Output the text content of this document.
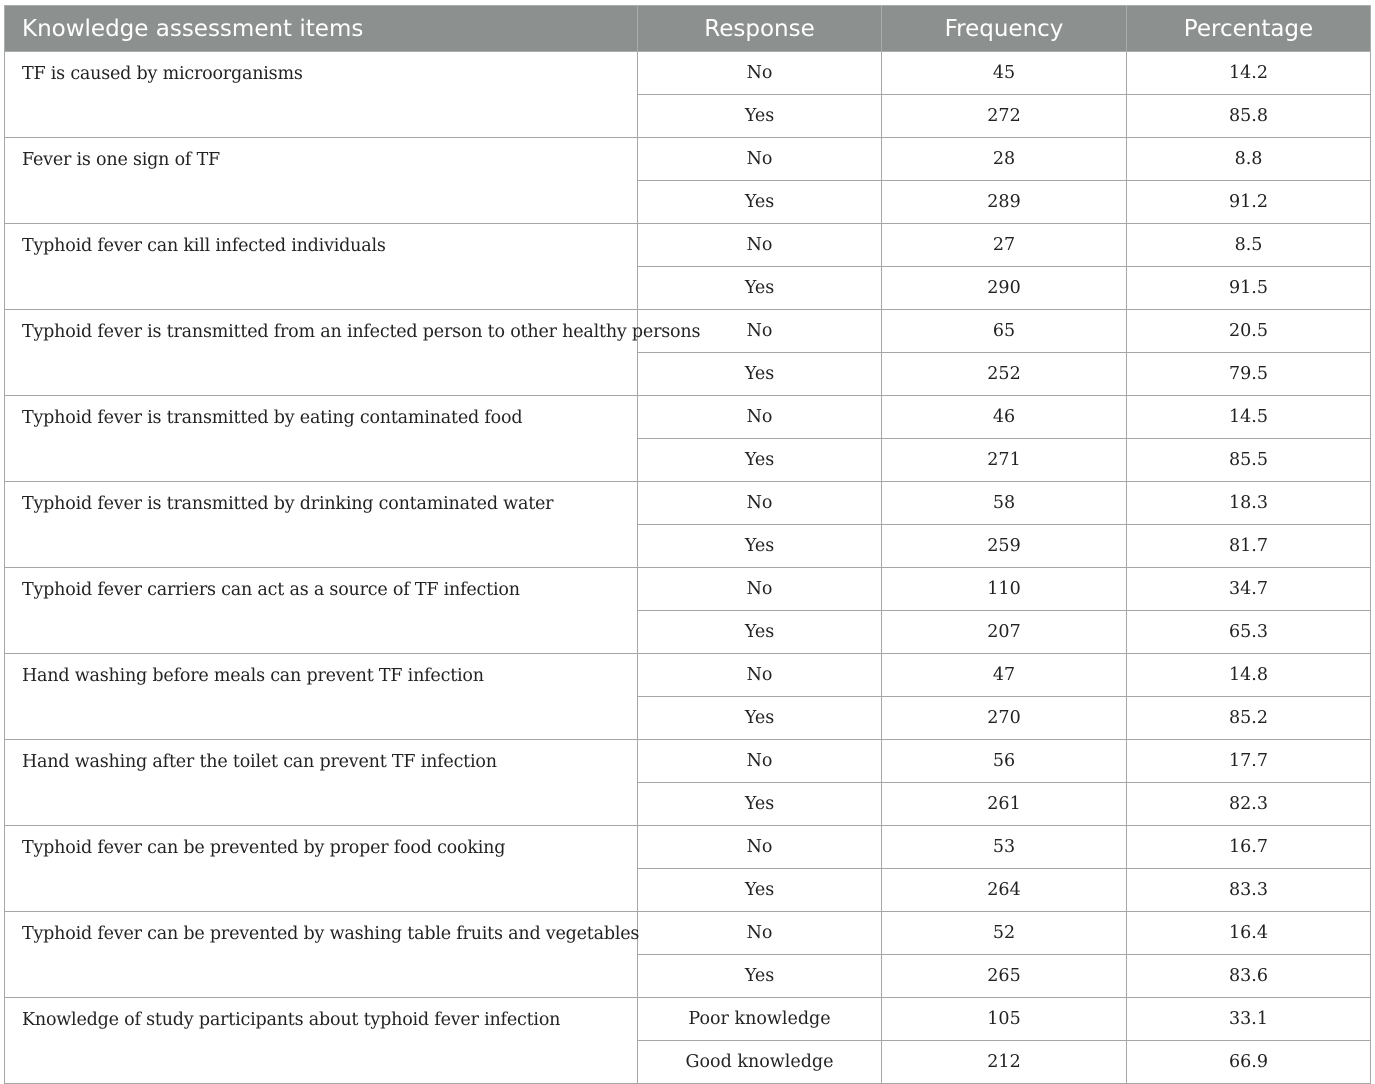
Knowledge assessment items	Response	Frequency	Percentage
TF is caused by microorganisms	No	45	14.2
	Yes	272	85.8
Fever is one sign of TF	No	28	8.8
	Yes	289	91.2
Typhoid fever can kill infected individuals	No	27	8.5
	Yes	290	91.5
Typhoid fever is transmitted from an infected person to other healthy persons	No	65	20.5
	Yes	252	79.5
Typhoid fever is transmitted by eating contaminated food	No	46	14.5
	Yes	271	85.5
Typhoid fever is transmitted by drinking contaminated water	No	58	18.3
	Yes	259	81.7
Typhoid fever carriers can act as a source of TF infection	No	110	34.7
	Yes	207	65.3
Hand washing before meals can prevent TF infection	No	47	14.8
	Yes	270	85.2
Hand washing after the toilet can prevent TF infection	No	56	17.7
	Yes	261	82.3
Typhoid fever can be prevented by proper food cooking	No	53	16.7
	Yes	264	83.3
Typhoid fever can be prevented by washing table fruits and vegetables	No	52	16.4
	Yes	265	83.6
Knowledge of study participants about typhoid fever infection	Poor knowledge	105	33.1
	Good knowledge	212	66.9
